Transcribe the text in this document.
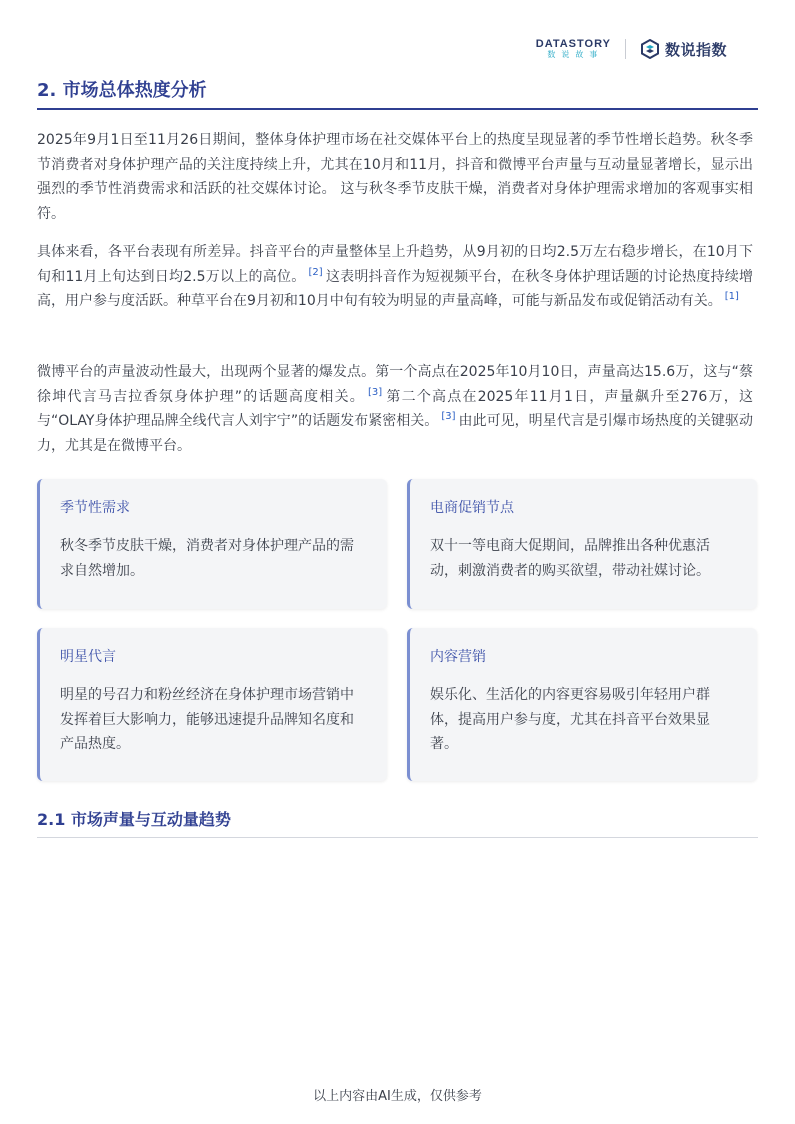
DATASTORY
数说故事	数说指数
2. 市场总体热度分析

2025年9月1日至11月26日期间，整体身体护理市场在社交媒体平台上的热度呈现显著的季节性增长趋势。秋冬季节消费者对身体护理产品的关注度持续上升，尤其在10月和11月，抖音和微博平台声量与互动量显著增长，显示出强烈的季节性消费需求和活跃的社交媒体讨论。 这与秋冬季节皮肤干燥，消费者对身体护理需求增加的客观事实相符。

具体来看，各平台表现有所差异。抖音平台的声量整体呈上升趋势，从9月初的日均2.5万左右稳步增长，在10月下旬和11月上旬达到日均2.5万以上的高位。 [2] 这表明抖音作为短视频平台，在秋冬身体护理话题的讨论热度持续增高，用户参与度活跃。种草平台在9月初和10月中旬有较为明显的声量高峰，可能与新品发布或促销活动有关。 [1]

微博平台的声量波动性最大，出现两个显著的爆发点。第一个高点在2025年10月10日，声量高达15.6万，这与“蔡徐坤代言马吉拉香氛身体护理”的话题高度相关。 [3] 第二个高点在2025年11月1日，声量飙升至276万，这与“OLAY身体护理品牌全线代言人刘宇宁”的话题发布紧密相关。 [3] 由此可见，明星代言是引爆市场热度的关键驱动力，尤其是在微博平台。

季节性需求
秋冬季节皮肤干燥，消费者对身体护理产品的需求自然增加。
电商促销节点
双十一等电商大促期间，品牌推出各种优惠活动，刺激消费者的购买欲望，带动社媒讨论。
明星代言
明星的号召力和粉丝经济在身体护理市场营销中发挥着巨大影响力，能够迅速提升品牌知名度和产品热度。
内容营销
娱乐化、生活化的内容更容易吸引年轻用户群体，提高用户参与度，尤其在抖音平台效果显著。
2.1 市场声量与互动量趋势
以上内容由AI生成，仅供参考
